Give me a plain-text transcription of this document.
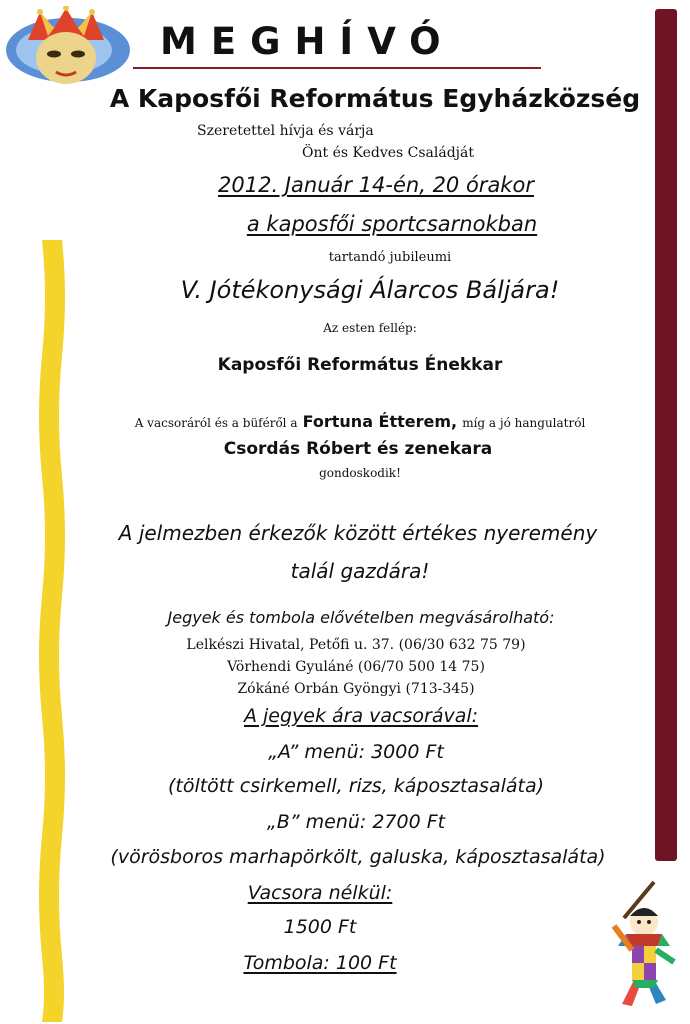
MEGHÍVÓ
A Kaposfői Református Egyházközség
Szeretettel hívja és várja
Önt és Kedves Családját
2012. Január 14-én, 20 órakor
a kaposfői sportcsarnokban
tartandó jubileumi
V. Jótékonysági Álarcos Báljára!
Az esten fellép:
Kaposfői Református Énekkar
A vacsoráról és a büféről a Fortuna Étterem, míg a jó hangulatról
Csordás Róbert és zenekara
gondoskodik!
A jelmezben érkezők között értékes nyeremény
talál gazdára!
Jegyek és tombola elővételben megvásárolható:
Lelkészi Hivatal, Petőfi u. 37. (06/30 632 75 79)
Vörhendi Gyuláné (06/70 500 14 75)
Zókáné Orbán Gyöngyi (713-345)
A jegyek ára vacsorával:
„A” menü: 3000 Ft
(töltött csirkemell, rizs, káposztasaláta)
„B” menü: 2700 Ft
(vörösboros marhapörkölt, galuska, káposztasaláta)
Vacsora nélkül:
1500 Ft
Tombola: 100 Ft
